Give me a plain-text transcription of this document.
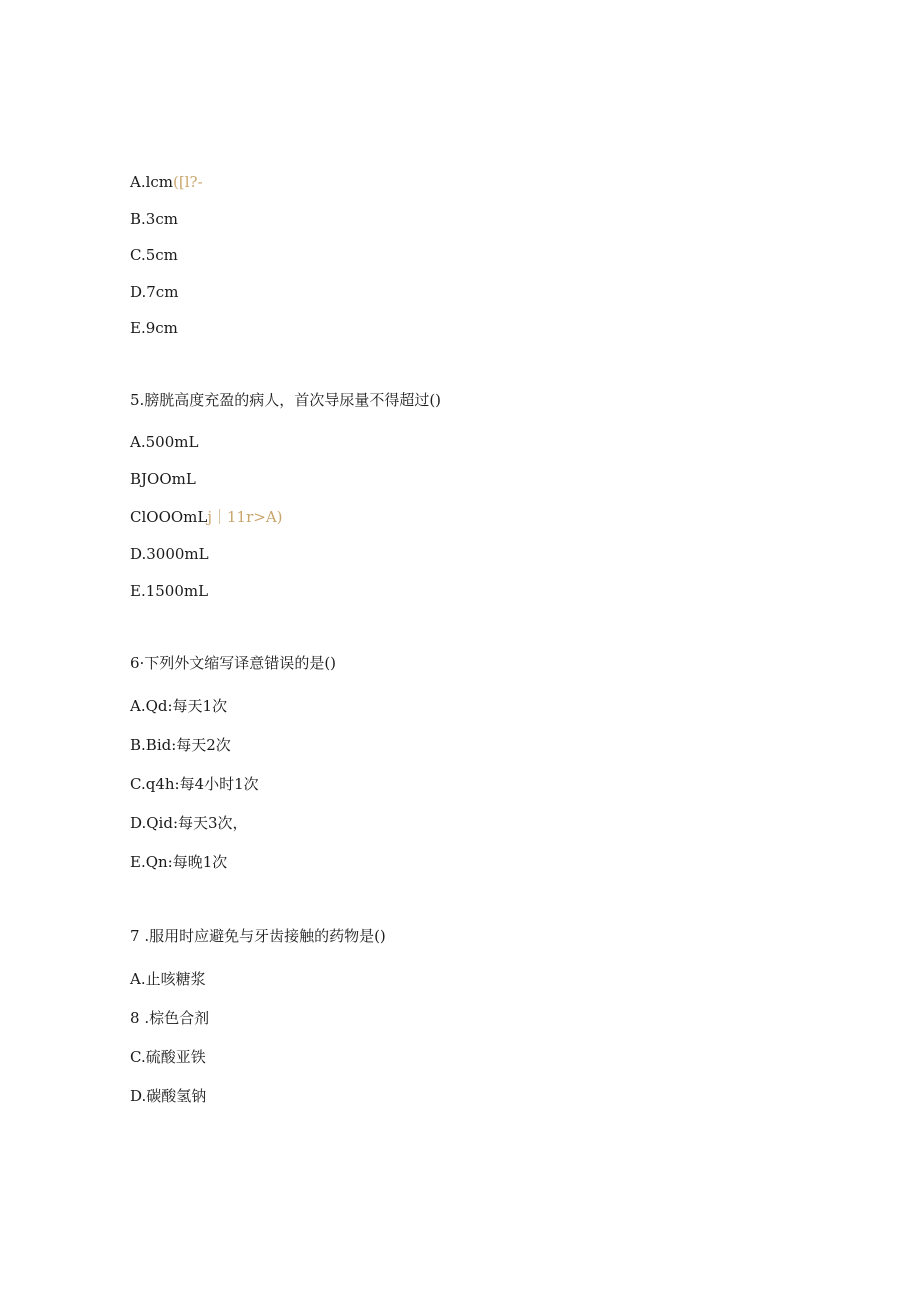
A.lcm([l?-
B.3cm
C.5cm
D.7cm
E.9cm
5.膀胱高度充盈的病人，首次导尿量不得超过()
A.500mL
BJOOmL
ClOOOmLj｜11r>A)
D.3000mL
E.1500mL
6·下列外文缩写译意错误的是()
A.Qd:每天1次
B.Bid:每天2次
C.q4h:每4小时1次
D.Qid:每天3次，
E.Qn:每晚1次
7	.服用时应避免与牙齿接触的药物是()
A.止咳糖浆
8	.棕色合剂
C.硫酸亚铁
D.碳酸氢钠
